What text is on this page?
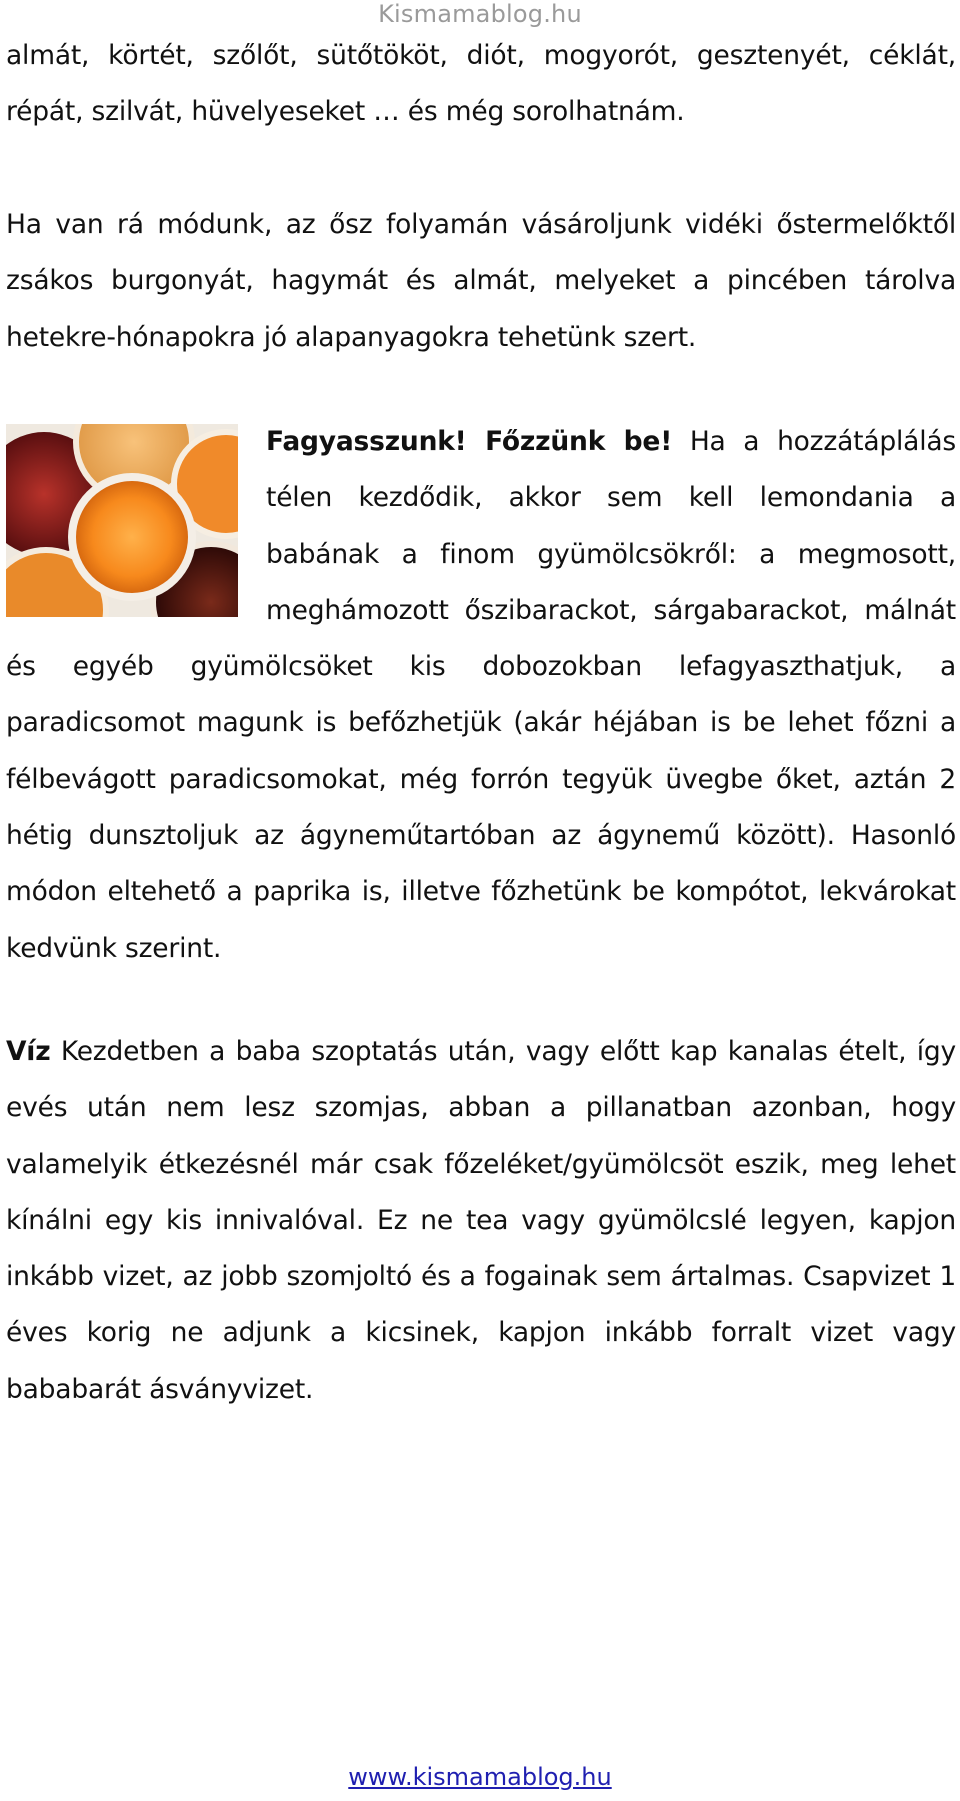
Kismamablog.hu

almát, körtét, szőlőt, sütőtököt, diót, mogyorót, gesztenyét, céklát, répát, szilvát, hüvelyeseket … és még sorolhatnám.

Ha van rá módunk, az ősz folyamán vásároljunk vidéki őstermelőktől zsákos burgonyát, hagymát és almát, melyeket a pincében tárolva hetekre-hónapokra jó alapanyagokra tehetünk szert.

Fagyasszunk! Főzzünk be! Ha a hozzátáplálás télen kezdődik, akkor sem kell lemondania a babának a finom gyümölcsökről: a megmosott, meghámozott őszibarackot, sárgabarackot, málnát és egyéb gyümölcsöket kis dobozokban lefagyaszthatjuk, a paradicsomot magunk is befőzhetjük (akár héjában is be lehet főzni a félbevágott paradicsomokat, még forrón tegyük üvegbe őket, aztán 2 hétig dunsztoljuk az ágyneműtartóban az ágynemű között). Hasonló módon eltehető a paprika is, illetve főzhetünk be kompótot, lekvárokat kedvünk szerint.
Víz Kezdetben a baba szoptatás után, vagy előtt kap kanalas ételt, így evés után nem lesz szomjas, abban a pillanatban azonban, hogy valamelyik étkezésnél már csak főzeléket/gyümölcsöt eszik, meg lehet kínálni egy kis innivalóval. Ez ne tea vagy gyümölcslé legyen, kapjon inkább vizet, az jobb szomjoltó és a fogainak sem ártalmas. Csapvizet 1 éves korig ne adjunk a kicsinek, kapjon inkább forralt vizet vagy bababarát ásványvizet.
www.kismamablog.hu
